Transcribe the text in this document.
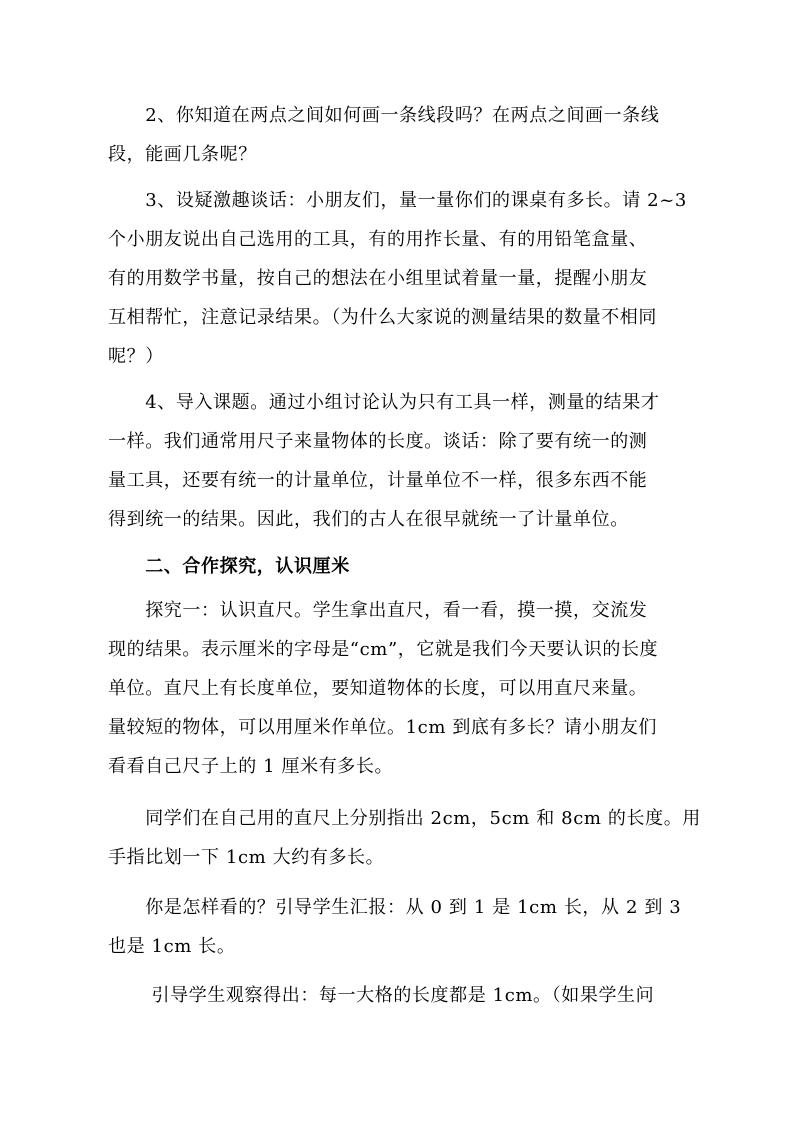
　　2、你知道在两点之间如何画一条线段吗？在两点之间画一条线
段，能画几条呢？
　　3、设疑激趣谈话：小朋友们，量一量你们的课桌有多长。请 2~3
个小朋友说出自己选用的工具，有的用拃长量、有的用铅笔盒量、
有的用数学书量，按自己的想法在小组里试着量一量，提醒小朋友
互相帮忙，注意记录结果。（为什么大家说的测量结果的数量不相同
呢？）
　　4、导入课题。通过小组讨论认为只有工具一样，测量的结果才
一样。我们通常用尺子来量物体的长度。谈话：除了要有统一的测
量工具，还要有统一的计量单位，计量单位不一样，很多东西不能
得到统一的结果。因此，我们的古人在很早就统一了计量单位。
　　二、合作探究，认识厘米
　　探究一：认识直尺。学生拿出直尺，看一看，摸一摸，交流发
现的结果。表示厘米的字母是“cm”，它就是我们今天要认识的长度
单位。直尺上有长度单位，要知道物体的长度，可以用直尺来量。
量较短的物体，可以用厘米作单位。1cm 到底有多长？请小朋友们
看看自己尺子上的 1 厘米有多长。
　　同学们在自己用的直尺上分别指出 2cm，5cm 和 8cm 的长度。用
手指比划一下 1cm 大约有多长。
　　你是怎样看的？引导学生汇报：从 0 到 1 是 1cm 长，从 2 到 3
也是 1cm 长。
　　 引导学生观察得出：每一大格的长度都是 1cm。（如果学生问
